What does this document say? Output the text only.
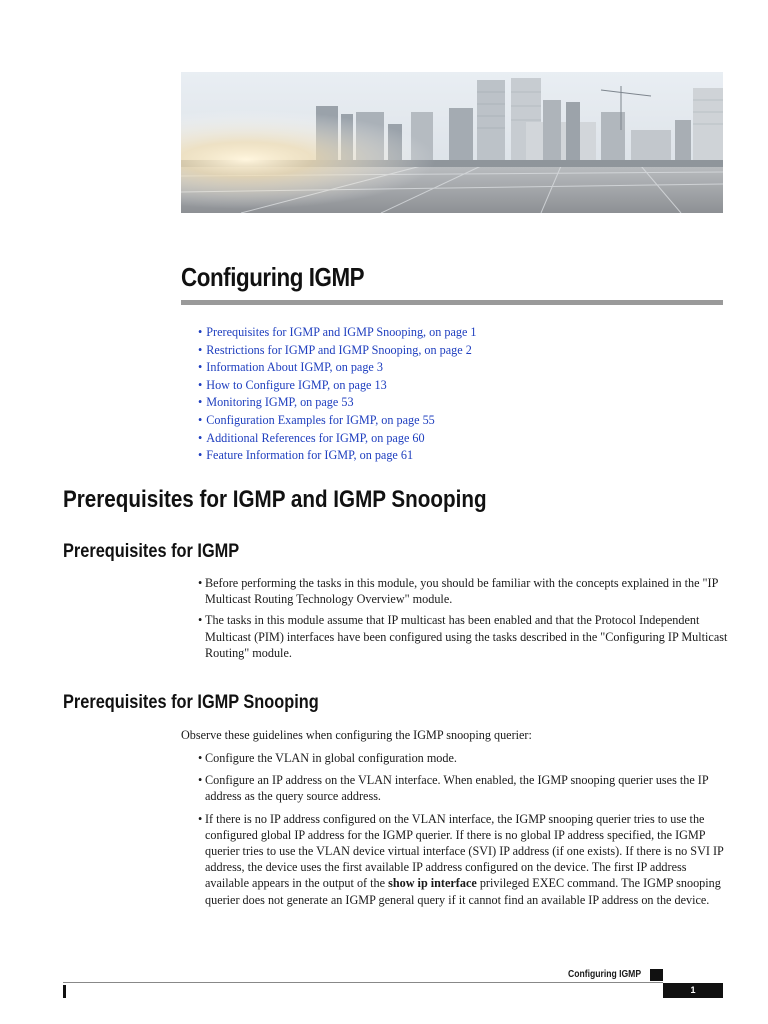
Configuring IGMP
• Prerequisites for IGMP and IGMP Snooping, on page 1
• Restrictions for IGMP and IGMP Snooping, on page 2
• Information About IGMP, on page 3
• How to Configure IGMP, on page 13
• Monitoring IGMP, on page 53
• Configuration Examples for IGMP, on page 55
• Additional References for IGMP, on page 60
• Feature Information for IGMP, on page 61
Prerequisites for IGMP and IGMP Snooping
Prerequisites for IGMP
• Before performing the tasks in this module, you should be familiar with the concepts explained in the "IP Multicast Routing Technology Overview" module.
• The tasks in this module assume that IP multicast has been enabled and that the Protocol Independent Multicast (PIM) interfaces have been configured using the tasks described in the "Configuring IP Multicast Routing" module.
Prerequisites for IGMP Snooping

Observe these guidelines when configuring the IGMP snooping querier:

• Configure the VLAN in global configuration mode.
• Configure an IP address on the VLAN interface. When enabled, the IGMP snooping querier uses the IP address as the query source address.
• If there is no IP address configured on the VLAN interface, the IGMP snooping querier tries to use the configured global IP address for the IGMP querier. If there is no global IP address specified, the IGMP querier tries to use the VLAN device virtual interface (SVI) IP address (if one exists). If there is no SVI IP address, the device uses the first available IP address configured on the device. The first IP address available appears in the output of the show ip interface privileged EXEC command. The IGMP snooping querier does not generate an IGMP general query if it cannot find an available IP address on the device.
Configuring IGMP
1
